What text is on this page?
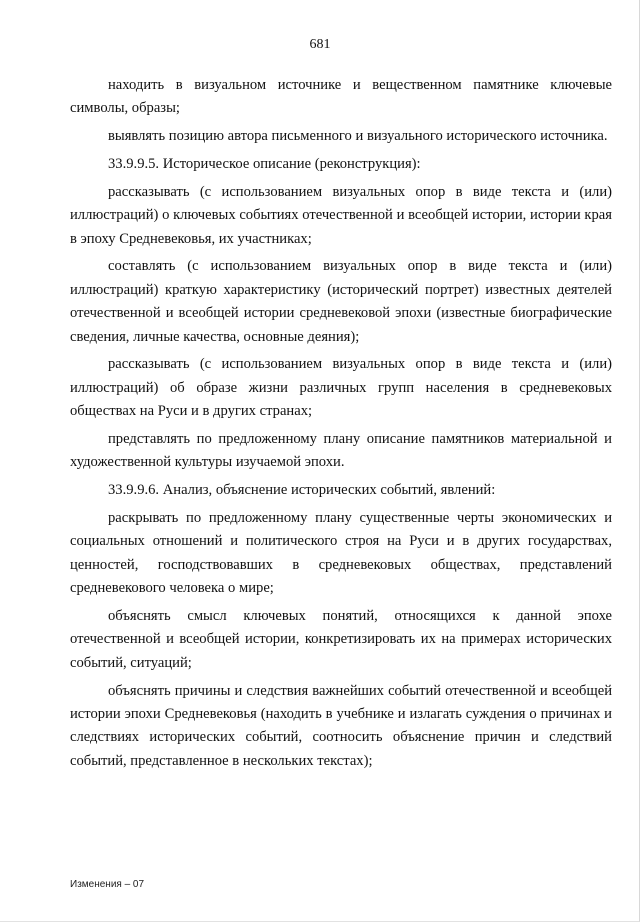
681

находить в визуальном источнике и вещественном памятнике ключевые символы, образы;

выявлять позицию автора письменного и визуального исторического источника.

33.9.9.5. Историческое описание (реконструкция):

рассказывать (с использованием визуальных опор в виде текста и (или) иллюстраций) о ключевых событиях отечественной и всеобщей истории, истории края в эпоху Средневековья, их участниках;

составлять (с использованием визуальных опор в виде текста и (или) иллюстраций) краткую характеристику (исторический портрет) известных деятелей отечественной и всеобщей истории средневековой эпохи (известные биографические сведения, личные качества, основные деяния);

рассказывать (с использованием визуальных опор в виде текста и (или) иллюстраций) об образе жизни различных групп населения в средневековых обществах на Руси и в других странах;

представлять по предложенному плану описание памятников материальной и художественной культуры изучаемой эпохи.

33.9.9.6. Анализ, объяснение исторических событий, явлений:

раскрывать по предложенному плану существенные черты экономических и социальных отношений и политического строя на Руси и в других государствах, ценностей, господствовавших в средневековых обществах, представлений средневекового человека о мире;

объяснять смысл ключевых понятий, относящихся к данной эпохе отечественной и всеобщей истории, конкретизировать их на примерах исторических событий, ситуаций;

объяснять причины и следствия важнейших событий отечественной и всеобщей истории эпохи Средневековья (находить в учебнике и излагать суждения о причинах и следствиях исторических событий, соотносить объяснение причин и следствий событий, представленное в нескольких текстах);

Изменения – 07
